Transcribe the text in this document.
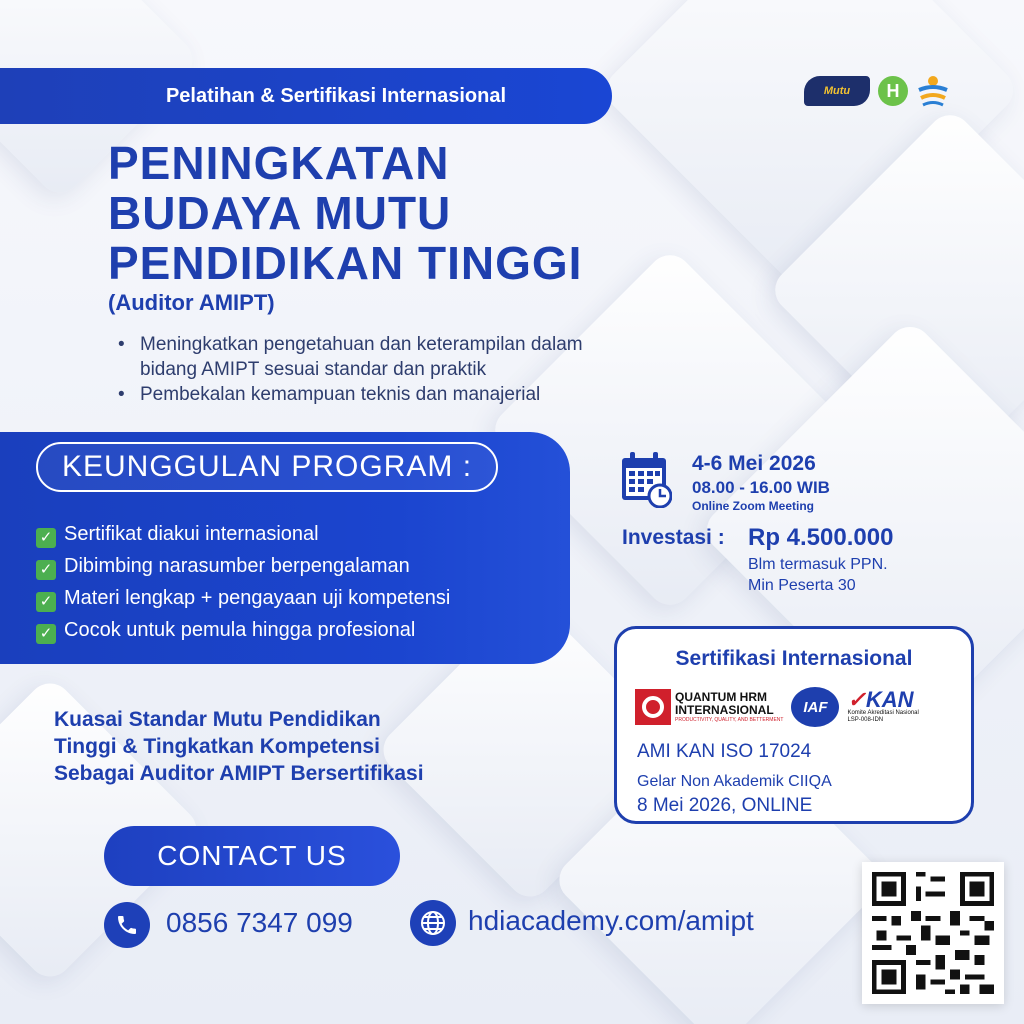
Pelatihan & Sertifikasi Internasional	Mutu H
PENINGKATAN
BUDAYA MUTU
PENDIDIKAN TINGGI
(Auditor AMIPT)
• Meningkatkan pengetahuan dan keterampilan dalam
bidang AMIPT sesuai standar dan praktik
• Pembekalan kemampuan teknis dan manajerial
KEUNGGULAN PROGRAM :
✓ Sertifikat diakui internasional
✓ Dibimbing narasumber berpengalaman
✓ Materi lengkap + pengayaan uji kompetensi
✓ Cocok untuk pemula hingga profesional
4-6 Mei 2026
08.00 - 16.00 WIB
Online Zoom Meeting
Investasi : Rp 4.500.000
Blm termasuk PPN.
Min Peserta 30
Sertifikasi Internasional
QUANTUM HRM
INTERNASIONAL
PRODUCTIVITY, QUALITY, AND BETTERMENT
IAF ✓KAN
Komite Akreditasi Nasional
LSP-008-IDN
AMI KAN ISO 17024
Gelar Non Akademik CIIQA
8 Mei 2026, ONLINE
Kuasai Standar Mutu Pendidikan
Tinggi & Tingkatkan Kompetensi
Sebagai Auditor AMIPT Bersertifikasi
CONTACT US
0856 7347 099	hdiacademy.com/amipt
